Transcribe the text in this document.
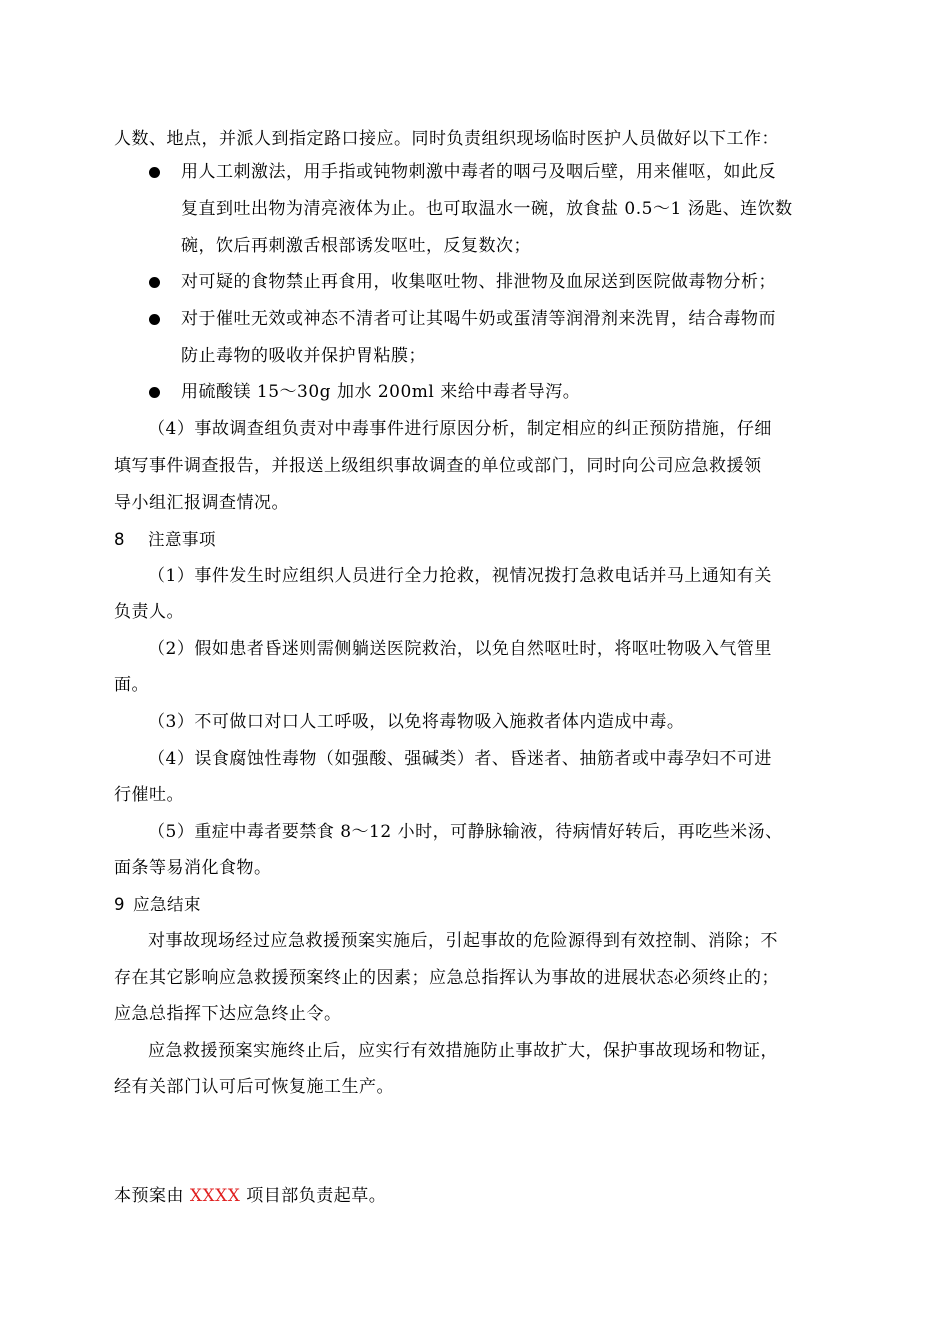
人数、地点，并派人到指定路口接应。同时负责组织现场临时医护人员做好以下工作：
用人工刺激法，用手指或钝物刺激中毒者的咽弓及咽后壁，用来催呕，如此反
复直到吐出物为清亮液体为止。也可取温水一碗，放食盐 0.5～1 汤匙、连饮数
碗，饮后再刺激舌根部诱发呕吐，反复数次；
对可疑的食物禁止再食用，收集呕吐物、排泄物及血尿送到医院做毒物分析；
对于催吐无效或神态不清者可让其喝牛奶或蛋清等润滑剂来洗胃，结合毒物而
防止毒物的吸收并保护胃粘膜；
用硫酸镁 15～30g 加水 200ml 来给中毒者导泻。
（4）事故调查组负责对中毒事件进行原因分析，制定相应的纠正预防措施，仔细
填写事件调查报告，并报送上级组织事故调查的单位或部门，同时向公司应急救援领
导小组汇报调查情况。
8 注意事项
（1）事件发生时应组织人员进行全力抢救，视情况拨打急救电话并马上通知有关
负责人。
（2）假如患者昏迷则需侧躺送医院救治，以免自然呕吐时，将呕吐物吸入气管里
面。
（3）不可做口对口人工呼吸，以免将毒物吸入施救者体内造成中毒。
（4）误食腐蚀性毒物（如强酸、强碱类）者、昏迷者、抽筋者或中毒孕妇不可进
行催吐。
（5）重症中毒者要禁食 8～12 小时，可静脉输液，待病情好转后，再吃些米汤、
面条等易消化食物。
9 应急结束
对事故现场经过应急救援预案实施后，引起事故的危险源得到有效控制、消除；不
存在其它影响应急救援预案终止的因素；应急总指挥认为事故的进展状态必须终止的；
应急总指挥下达应急终止令。
应急救援预案实施终止后，应实行有效措施防止事故扩大，保护事故现场和物证，
经有关部门认可后可恢复施工生产。
本预案由 XXXX 项目部负责起草。
